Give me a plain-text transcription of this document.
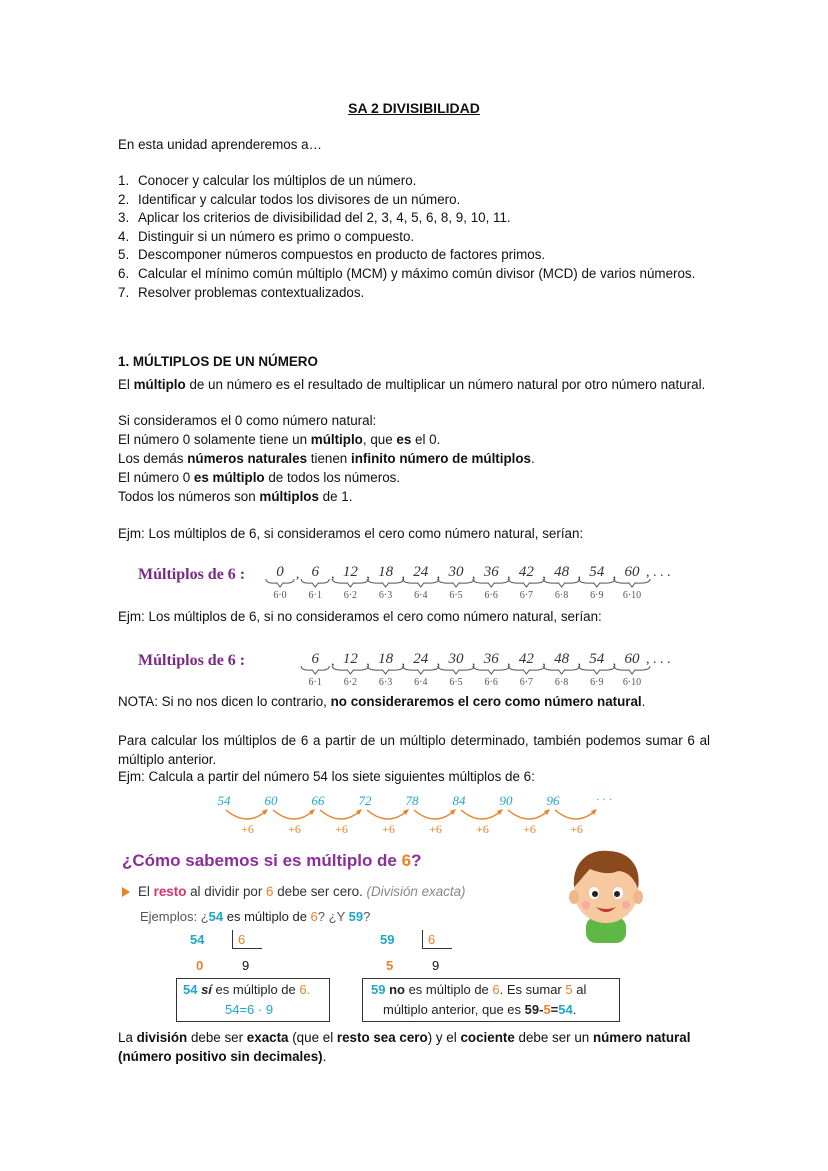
SA 2 DIVISIBILIDAD
En esta unidad aprenderemos a…
1. Conocer y calcular los múltiplos de un número.
2. Identificar y calcular todos los divisores de un número.
3. Aplicar los criterios de divisibilidad del 2, 3, 4, 5, 6, 8, 9, 10, 11.
4. Distinguir si un número es primo o compuesto.
5. Descomponer números compuestos en producto de factores primos.
6. Calcular el mínimo común múltiplo (MCM) y máximo común divisor (MCD) de varios números.
7. Resolver problemas contextualizados.
1. MÚLTIPLOS DE UN NÚMERO
El múltiplo de un número es el resultado de multiplicar un número natural por otro número natural.
Si consideramos el 0 como número natural:
El número 0 solamente tiene un múltiplo, que es el 0.
Los demás números naturales tienen infinito número de múltiplos.
El número 0 es múltiplo de todos los números.
Todos los números son múltiplos de 1.
Ejm: Los múltiplos de 6, si consideramos el cero como número natural, serían:
Múltiplos de 6 : 0
6·0
, 6
6·1
, 12
6·2
, 18
6·3
, 24
6·4
, 30
6·5
, 36
6·6
, 42
6·7
, 48
6·8
, 54
6·9
, 60
6·10
, . . .
Ejm: Los múltiplos de 6, si no consideramos el cero como número natural, serían:
Múltiplos de 6 :	6
6·1
, 12
6·2
, 18
6·3
, 24
6·4
, 30
6·5
, 36
6·6
, 42
6·7
, 48
6·8
, 54
6·9
, 60
6·10
, . . .
NOTA: Si no nos dicen lo contrario, no consideraremos el cero como número natural.
Para calcular los múltiplos de 6 a partir de un múltiplo determinado, también podemos sumar 6 al múltiplo anterior.
Ejm: Calcula a partir del número 54 los siete siguientes múltiplos de 6:
54
+6
60
+6
66
+6
72
+6
78
+6
84
+6
90
+6
96
+6
· · ·
¿Cómo sabemos si es múltiplo de 6?
El resto al dividir por 6 debe ser cero. (División exacta)
Ejemplos: ¿54 es múltiplo de 6? ¿Y 59?
54	6
0	9
59	6
5	9
54 sí es múltiplo de 6.
54=6 · 9
59 no es múltiplo de 6. Es sumar 5 al
múltiplo anterior, que es 59-5=54.
La división debe ser exacta (que el resto sea cero) y el cociente debe ser un número natural
(número positivo sin decimales).
